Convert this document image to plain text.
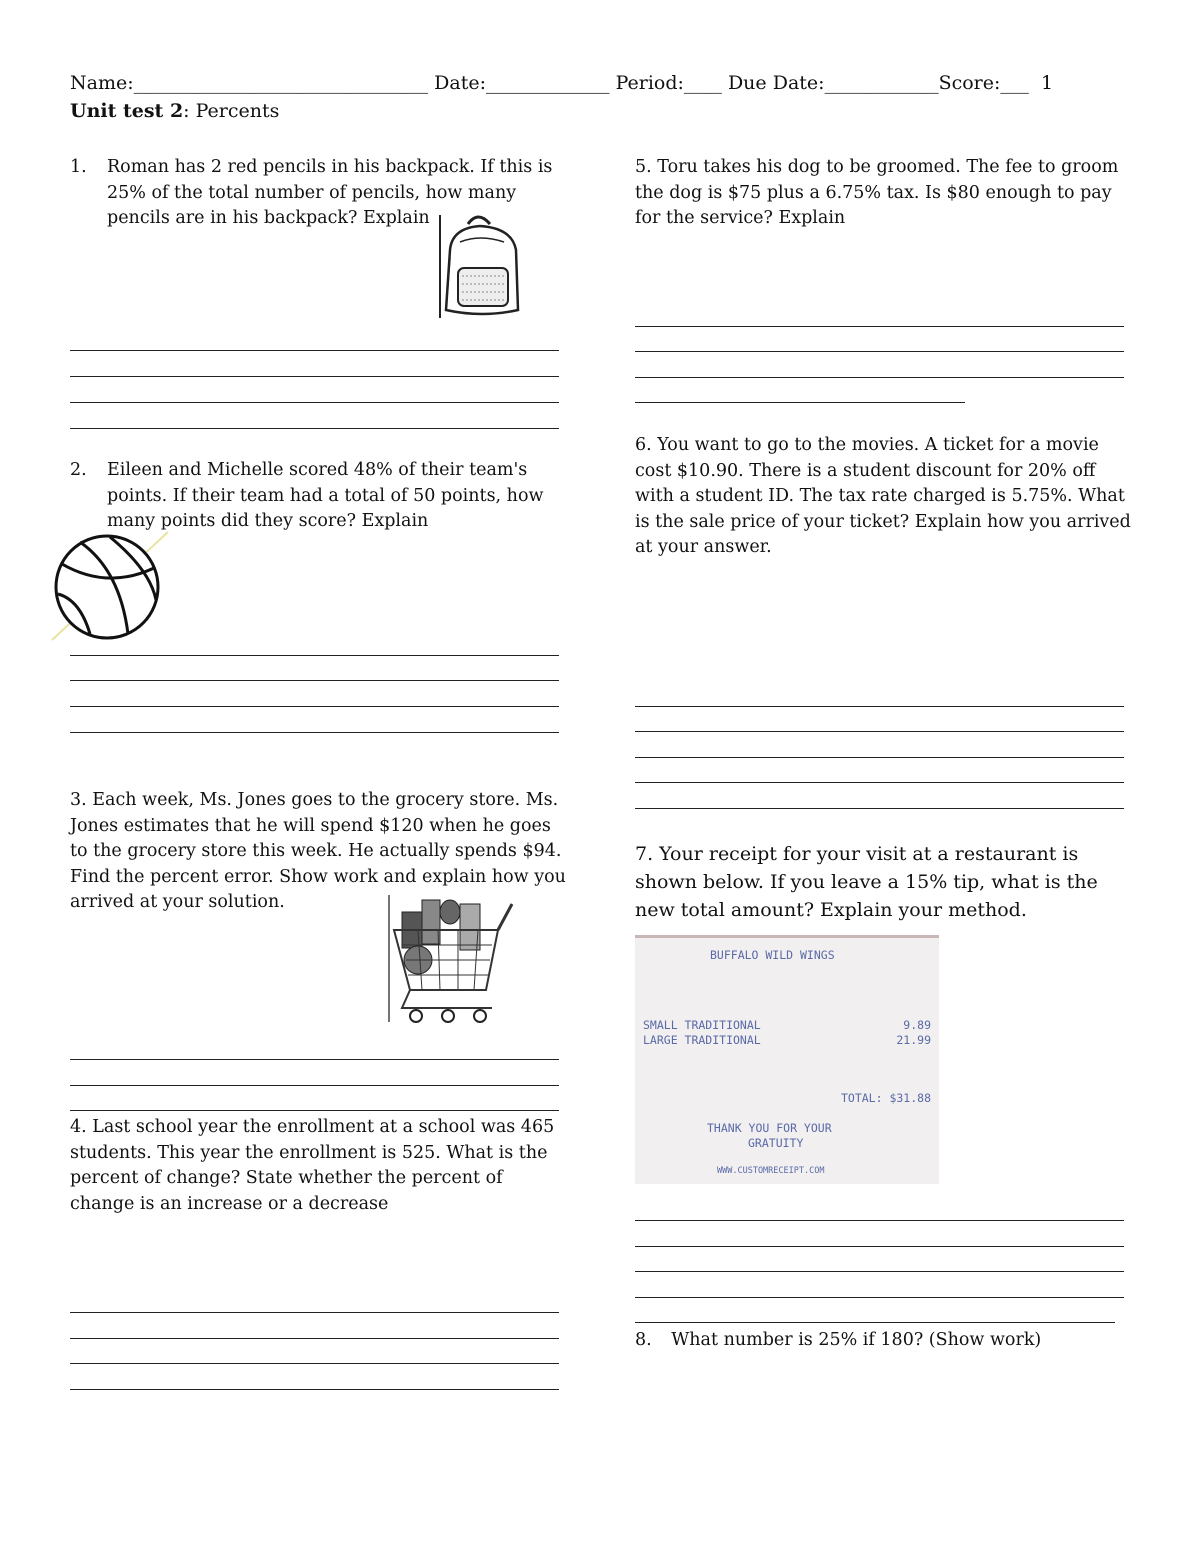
Name:_______________________________ Date:_____________ Period:____ Due Date:____________Score:___  1
Unit test 2: Percents
1. Roman has 2 red pencils in his backpack. If this is 25% of the total number of pencils, how many pencils are in his backpack? Explain
2. Eileen and Michelle scored 48% of their team's points. If their team had a total of 50 points, how many points did they score? Explain
3. Each week, Ms. Jones goes to the grocery store. Ms. Jones estimates that he will spend $120 when he goes to the grocery store this week. He actually spends $94. Find the percent error. Show work and explain how you arrived at your solution.
4. Last school year the enrollment at a school was 465 students. This year the enrollment is 525. What is the percent of change? State whether the percent of change is an increase or a decrease
5. Toru takes his dog to be groomed. The fee to groom the dog is $75 plus a 6.75% tax. Is $80 enough to pay for the service? Explain
6. You want to go to the movies. A ticket for a movie cost $10.90. There is a student discount for 20% off with a student ID. The tax rate charged is 5.75%. What is the sale price of your ticket? Explain how you arrived at your answer.
7. Your receipt for your visit at a restaurant is shown below. If you leave a 15% tip, what is the new total amount? Explain your method.
BUFFALO WILD WINGS
SMALL TRADITIONAL	9.89
LARGE TRADITIONAL	21.99
TOTAL: $31.88
THANK YOU FOR YOUR
GRATUITY
WWW.CUSTOMRECEIPT.COM
8. What number is 25% if 180? (Show work)
